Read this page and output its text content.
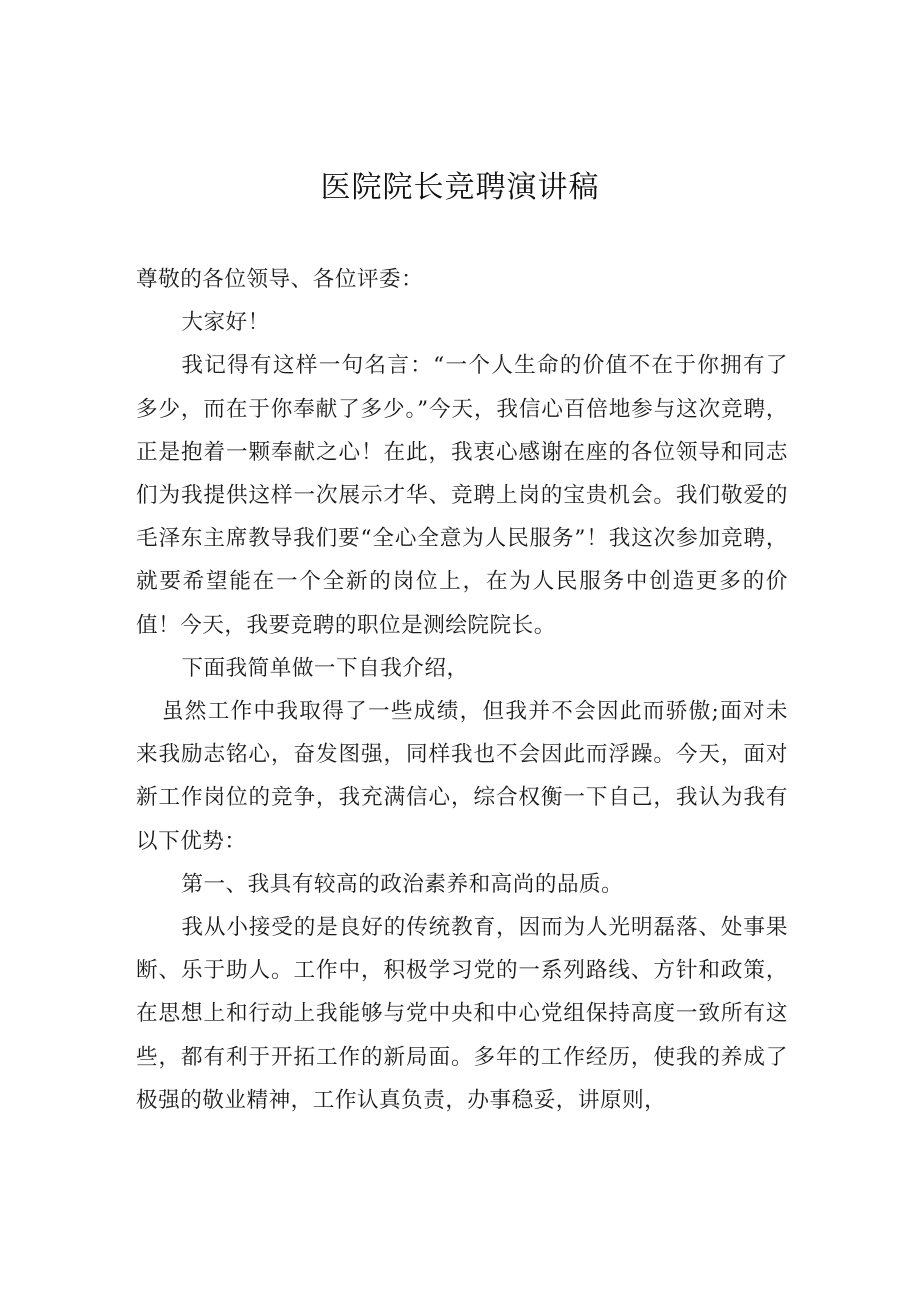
医院院长竞聘演讲稿

尊敬的各位领导、各位评委：

大家好！

我记得有这样一句名言：“一个人生命的价值不在于你拥有了多少，而在于你奉献了多少。”今天，我信心百倍地参与这次竞聘，正是抱着一颗奉献之心！在此，我衷心感谢在座的各位领导和同志们为我提供这样一次展示才华、竞聘上岗的宝贵机会。我们敬爱的毛泽东主席教导我们要“全心全意为人民服务”！我这次参加竞聘，就要希望能在一个全新的岗位上，在为人民服务中创造更多的价值！今天，我要竞聘的职位是测绘院院长。

下面我简单做一下自我介绍，

虽然工作中我取得了一些成绩，但我并不会因此而骄傲;面对未来我励志铭心，奋发图强，同样我也不会因此而浮躁。今天，面对新工作岗位的竞争，我充满信心，综合权衡一下自己，我认为我有以下优势：

第一、我具有较高的政治素养和高尚的品质。

我从小接受的是良好的传统教育，因而为人光明磊落、处事果断、乐于助人。工作中，积极学习党的一系列路线、方针和政策，在思想上和行动上我能够与党中央和中心党组保持高度一致所有这些，都有利于开拓工作的新局面。多年的工作经历，使我的养成了极强的敬业精神，工作认真负责，办事稳妥，讲原则，
